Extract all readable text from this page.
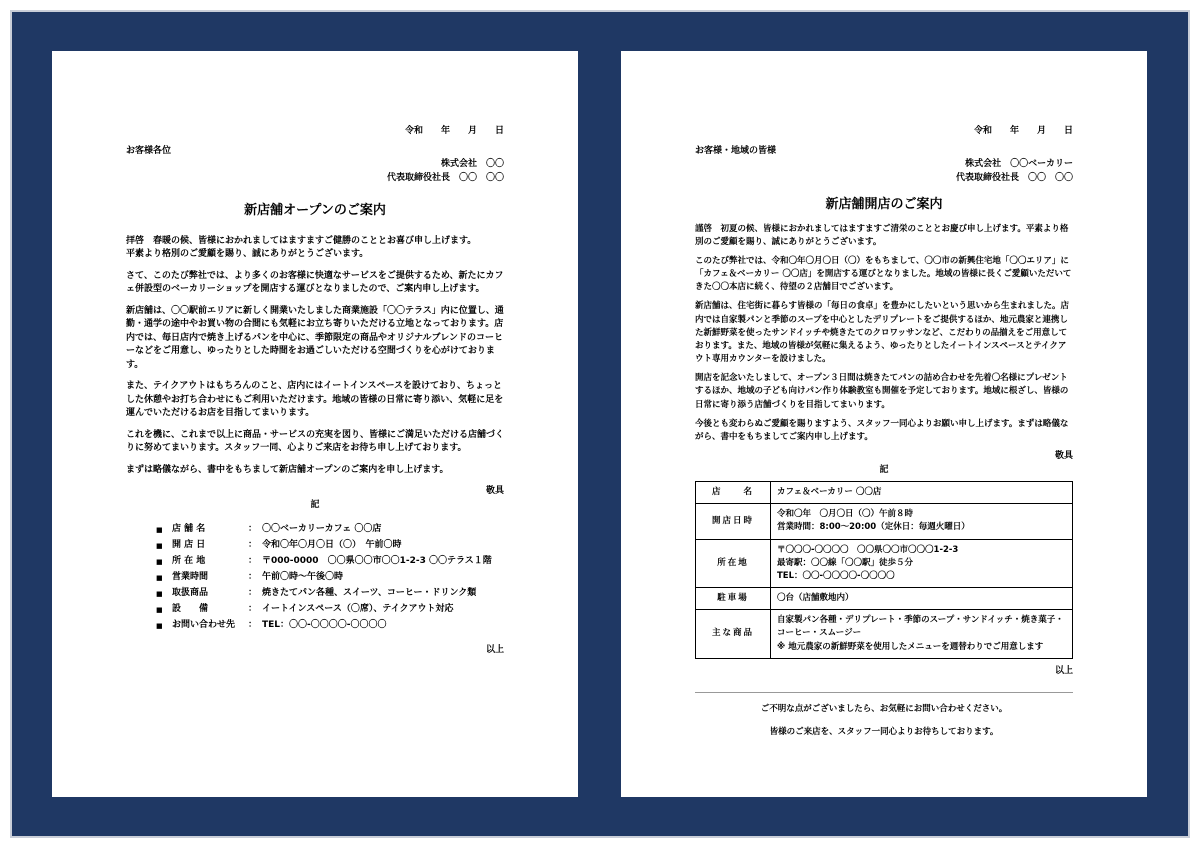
令和　　年　　月　　日
お客様各位
株式会社　〇〇
代表取締役社長　〇〇　〇〇
新店舗オープンのご案内

拝啓　春暖の候、皆様におかれましてはますますご健勝のこととお喜び申し上げます。

平素より格別のご愛顧を賜り、誠にありがとうございます。

さて、このたび弊社では、より多くのお客様に快適なサービスをご提供するため、新たにカフェ併設型のベーカリーショップを開店する運びとなりましたので、ご案内申し上げます。

新店舗は、〇〇駅前エリアに新しく開業いたしました商業施設「〇〇テラス」内に位置し、通勤・通学の途中やお買い物の合間にも気軽にお立ち寄りいただける立地となっております。店内では、毎日店内で焼き上げるパンを中心に、季節限定の商品やオリジナルブレンドのコーヒーなどをご用意し、ゆったりとした時間をお過ごしいただける空間づくりを心がけております。

また、テイクアウトはもちろんのこと、店内にはイートインスペースを設けており、ちょっとした休憩やお打ち合わせにもご利用いただけます。地域の皆様の日常に寄り添い、気軽に足を運んでいただけるお店を目指してまいります。

これを機に、これまで以上に商品・サービスの充実を図り、皆様にご満足いただける店舗づくりに努めてまいります。スタッフ一同、心よりご来店をお待ち申し上げております。

まずは略儀ながら、書中をもちまして新店舗オープンのご案内を申し上げます。

敬具
記
■	店 舗 名	： 〇〇ベーカリーカフェ 〇〇店
■	開 店 日	： 令和〇年〇月〇日（〇）　午前〇時
■	所 在 地	： 〒000-0000　〇〇県〇〇市〇〇1-2-3 〇〇テラス１階
■	営業時間	： 午前〇時〜午後〇時
■	取扱商品	： 焼きたてパン各種、スイーツ、コーヒー・ドリンク類
■	設　　備	： イートインスペース（〇席）、テイクアウト対応
■	お問い合わせ先	： TEL：〇〇-〇〇〇〇-〇〇〇〇
以上
令和　　年　　月　　日
お客様・地域の皆様
株式会社　〇〇ベーカリー
代表取締役社長　〇〇　〇〇
新店舗開店のご案内

謹啓　初夏の候、皆様におかれましてはますますご清栄のこととお慶び申し上げます。平素より格別のご愛顧を賜り、誠にありがとうございます。

このたび弊社では、令和〇年〇月〇日（〇）をもちまして、〇〇市の新興住宅地「〇〇エリア」に「カフェ＆ベーカリー 〇〇店」を開店する運びとなりました。地域の皆様に長くご愛顧いただいてきた〇〇本店に続く、待望の２店舗目でございます。

新店舗は、住宅街に暮らす皆様の「毎日の食卓」を豊かにしたいという思いから生まれました。店内では自家製パンと季節のスープを中心としたデリプレートをご提供するほか、地元農家と連携した新鮮野菜を使ったサンドイッチや焼きたてのクロワッサンなど、こだわりの品揃えをご用意しております。また、地域の皆様が気軽に集えるよう、ゆったりとしたイートインスペースとテイクアウト専用カウンターを設けました。

開店を記念いたしまして、オープン３日間は焼きたてパンの詰め合わせを先着〇名様にプレゼントするほか、地域の子ども向けパン作り体験教室も開催を予定しております。地域に根ざし、皆様の日常に寄り添う店舗づくりを目指してまいります。

今後とも変わらぬご愛顧を賜りますよう、スタッフ一同心よりお願い申し上げます。まずは略儀ながら、書中をもちましてご案内申し上げます。

敬具
記
店　　名	カフェ＆ベーカリー 〇〇店
開店日時	令和〇年　〇月〇日（〇）午前８時
営業時間：8:00〜20:00（定休日：毎週火曜日）

所在地	〒〇〇〇-〇〇〇〇　〇〇県〇〇市〇〇〇1-2-3
最寄駅：〇〇線「〇〇駅」徒歩５分
TEL：〇〇-〇〇〇〇-〇〇〇〇

駐車場	〇台（店舗敷地内）
主な商品	自家製パン各種・デリプレート・季節のスープ・サンドイッチ・焼き菓子・コーヒー・スムージー
※ 地元農家の新鮮野菜を使用したメニューを週替わりでご用意します
以上
ご不明な点がございましたら、お気軽にお問い合わせください。
皆様のご来店を、スタッフ一同心よりお待ちしております。
